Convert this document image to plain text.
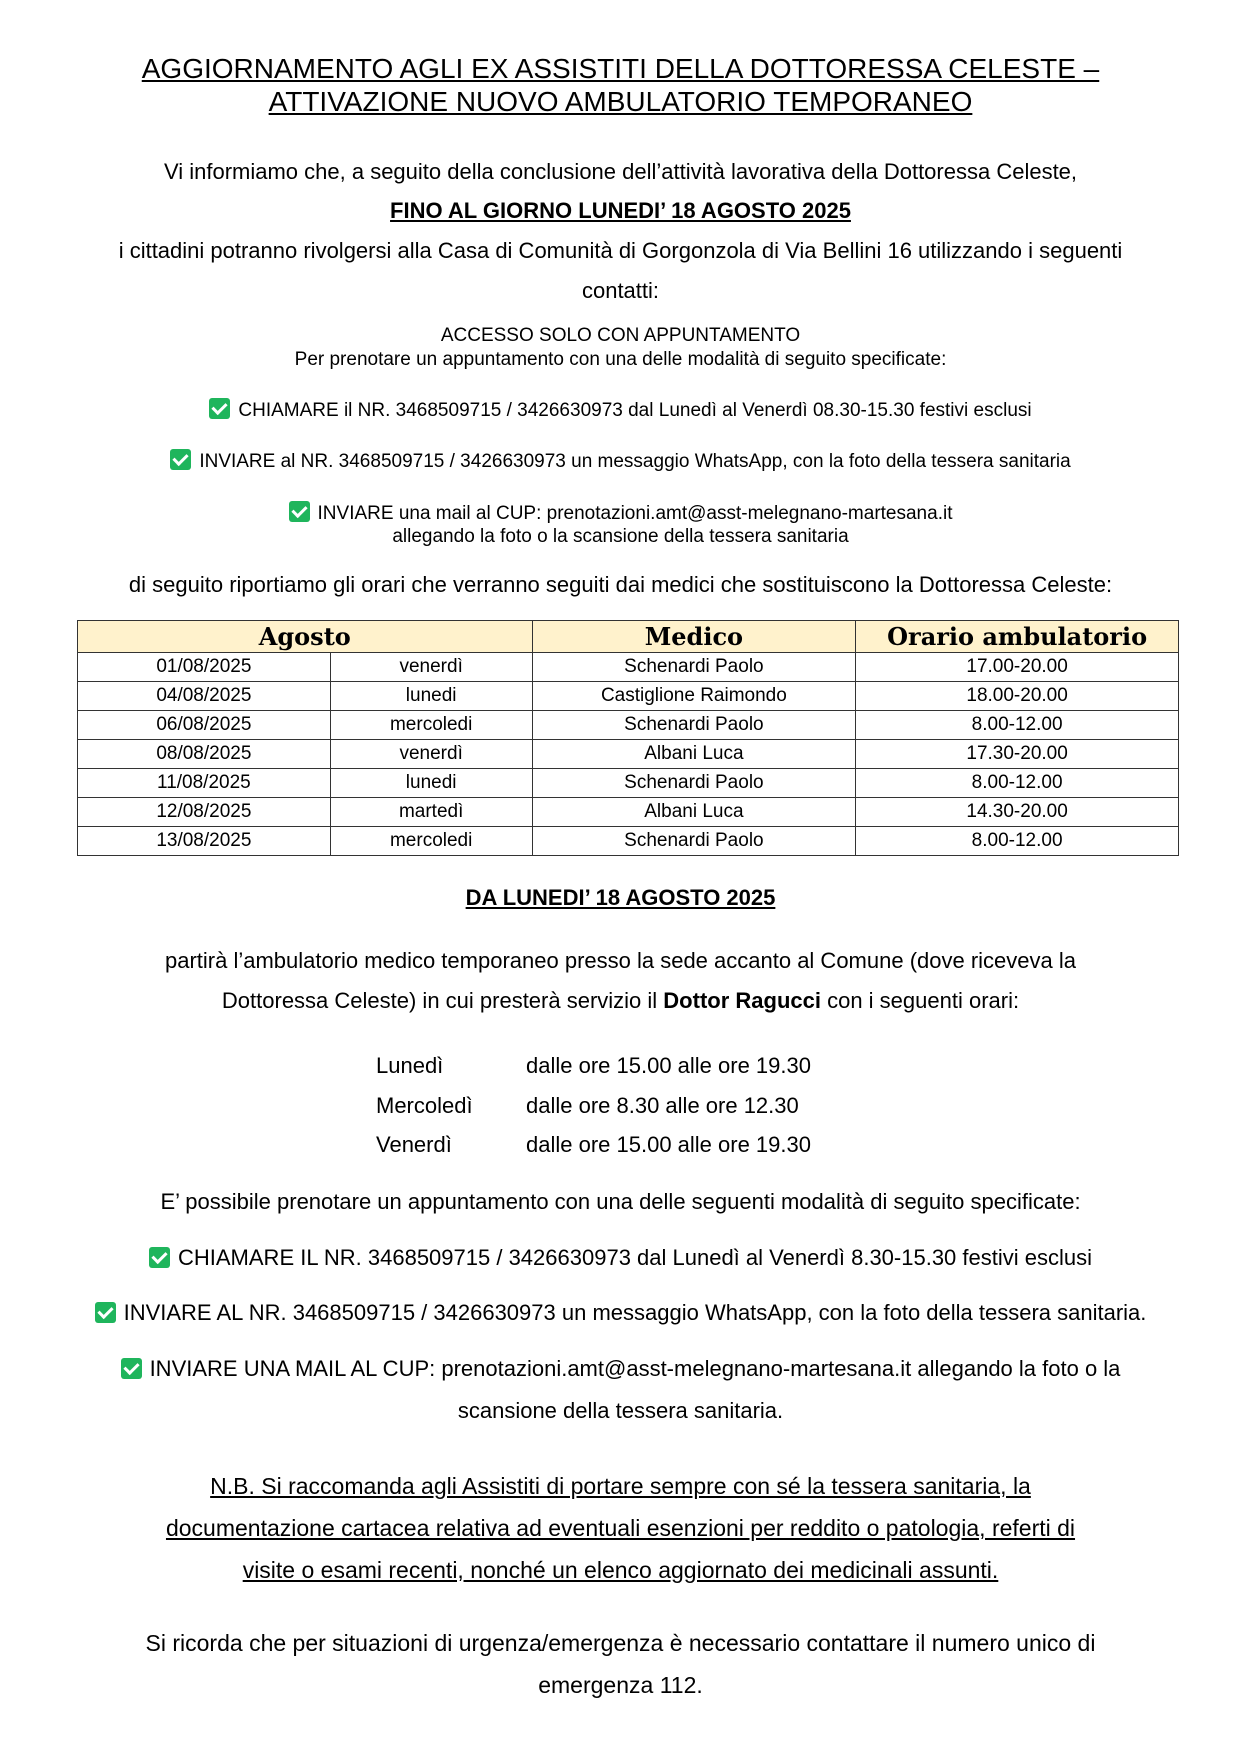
AGGIORNAMENTO AGLI EX ASSISTITI DELLA DOTTORESSA CELESTE –
ATTIVAZIONE NUOVO AMBULATORIO TEMPORANEO
Vi informiamo che, a seguito della conclusione dell’attività lavorativa della Dottoressa Celeste,
FINO AL GIORNO LUNEDI’ 18 AGOSTO 2025
i cittadini potranno rivolgersi alla Casa di Comunità di Gorgonzola di Via Bellini 16 utilizzando i seguenti
contatti:
ACCESSO SOLO CON APPUNTAMENTO
Per prenotare un appuntamento con una delle modalità di seguito specificate:
CHIAMARE il NR. 3468509715 / 3426630973 dal Lunedì al Venerdì 08.30-15.30 festivi esclusi
INVIARE al NR. 3468509715 / 3426630973 un messaggio WhatsApp, con la foto della tessera sanitaria
INVIARE una mail al CUP: prenotazioni.amt@asst-melegnano-martesana.it
allegando la foto o la scansione della tessera sanitaria
di seguito riportiamo gli orari che verranno seguiti dai medici che sostituiscono la Dottoressa Celeste:
Agosto		Medico	Orario ambulatorio
01/08/2025	venerdì	Schenardi Paolo	17.00-20.00
04/08/2025	lunedi	Castiglione Raimondo	18.00-20.00
06/08/2025	mercoledi	Schenardi Paolo	8.00-12.00
08/08/2025	venerdì	Albani Luca	17.30-20.00
11/08/2025	lunedi	Schenardi Paolo	8.00-12.00
12/08/2025	martedì	Albani Luca	14.30-20.00
13/08/2025	mercoledi	Schenardi Paolo	8.00-12.00
DA LUNEDI’ 18 AGOSTO 2025
partirà l’ambulatorio medico temporaneo presso la sede accanto al Comune (dove riceveva la
Dottoressa Celeste) in cui presterà servizio il Dottor Ragucci con i seguenti orari:
Lunedì	dalle ore 15.00 alle ore 19.30
Mercoledì dalle ore 8.30 alle ore 12.30
Venerdì	dalle ore 15.00 alle ore 19.30
E’ possibile prenotare un appuntamento con una delle seguenti modalità di seguito specificate:
CHIAMARE IL NR. 3468509715 / 3426630973 dal Lunedì al Venerdì 8.30-15.30 festivi esclusi
INVIARE AL NR. 3468509715 / 3426630973 un messaggio WhatsApp, con la foto della tessera sanitaria.
INVIARE UNA MAIL AL CUP: prenotazioni.amt@asst-melegnano-martesana.it allegando la foto o la
scansione della tessera sanitaria.
N.B. Si raccomanda agli Assistiti di portare sempre con sé la tessera sanitaria, la
documentazione cartacea relativa ad eventuali esenzioni per reddito o patologia, referti di
visite o esami recenti, nonché un elenco aggiornato dei medicinali assunti.
Si ricorda che per situazioni di urgenza/emergenza è necessario contattare il numero unico di
emergenza 112.
